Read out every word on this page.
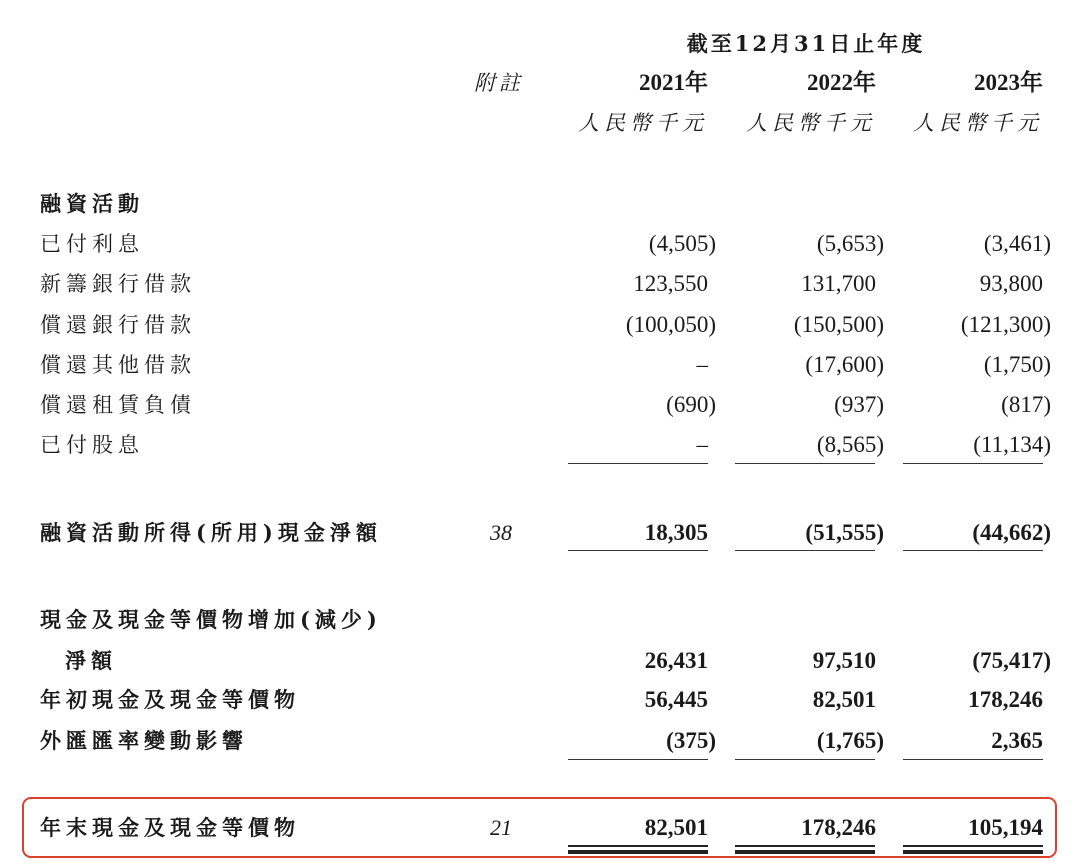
截至12月31日止年度
附註	2021年	2022年	2023年
人民幣千元	人民幣千元	人民幣千元
融資活動
已付利息	(4,505)	(5,653)	(3,461)
新籌銀行借款	123,550	131,700	93,800
償還銀行借款	(100,050)	(150,500)	(121,300)
償還其他借款	–	(17,600)	(1,750)
償還租賃負債	(690)	(937)	(817)
已付股息	–	(8,565)	(11,134)
融資活動所得(所用)現金淨額	38	18,305	(51,555)	(44,662)
現金及現金等價物增加(減少)
淨額	26,431	97,510	(75,417)
年初現金及現金等價物	56,445	82,501	178,246
外匯匯率變動影響	(375)	(1,765)	2,365
年末現金及現金等價物	21	82,501	178,246	105,194
